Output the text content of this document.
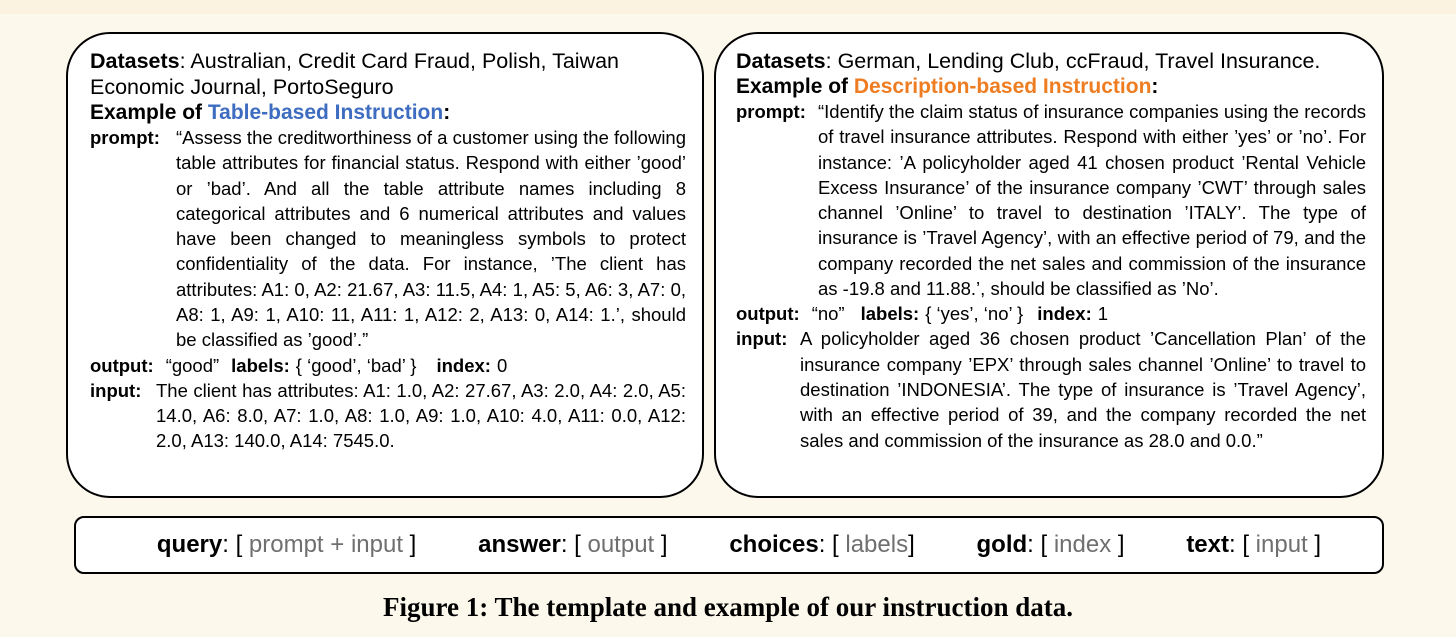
Datasets: Australian, Credit Card Fraud, Polish, Taiwan Economic Journal, PortoSeguro
Example of Table-based Instruction:
prompt: “Assess the creditworthiness of a customer using the following table attributes for financial status. Respond with either ’good’ or ’bad’. And all the table attribute names including 8 categorical attributes and 6 numerical attributes and values have been changed to meaningless symbols to protect confidentiality of the data. For instance, ’The client has attributes: A1: 0, A2: 21.67, A3: 11.5, A4: 1, A5: 5, A6: 3, A7: 0, A8: 1, A9: 1, A10: 11, A11: 1, A12: 2, A13: 0, A14: 1.’, should be classified as ’good’.”
output: “good” labels: { ‘good’, ‘bad’ } index: 0
input: The client has attributes: A1: 1.0, A2: 27.67, A3: 2.0, A4: 2.0, A5: 14.0, A6: 8.0, A7: 1.0, A8: 1.0, A9: 1.0, A10: 4.0, A11: 0.0, A12: 2.0, A13: 140.0, A14: 7545.0.
Datasets: German, Lending Club, ccFraud, Travel Insurance.
Example of Description-based Instruction:
prompt: “Identify the claim status of insurance companies using the records of travel insurance attributes. Respond with either ’yes’ or ’no’. For instance: ’A policyholder aged 41 chosen product ’Rental Vehicle Excess Insurance’ of the insurance company ’CWT’ through sales channel ’Online’ to travel to destination ’ITALY’. The type of insurance is ’Travel Agency’, with an effective period of 79, and the company recorded the net sales and commission of the insurance as -19.8 and 11.88.’, should be classified as ’No’.
output: “no” labels: { ‘yes’, ‘no’ } index: 1
input: A policyholder aged 36 chosen product ’Cancellation Plan’ of the insurance company ’EPX’ through sales channel ’Online’ to travel to destination ’INDONESIA’. The type of insurance is ’Travel Agency’, with an effective period of 39, and the company recorded the net sales and commission of the insurance as 28.0 and 0.0.”
query: [ prompt + input ]	answer: [ output ]	choices: [ labels]	gold: [ index ]	text: [ input ]
Figure 1: The template and example of our instruction data.
